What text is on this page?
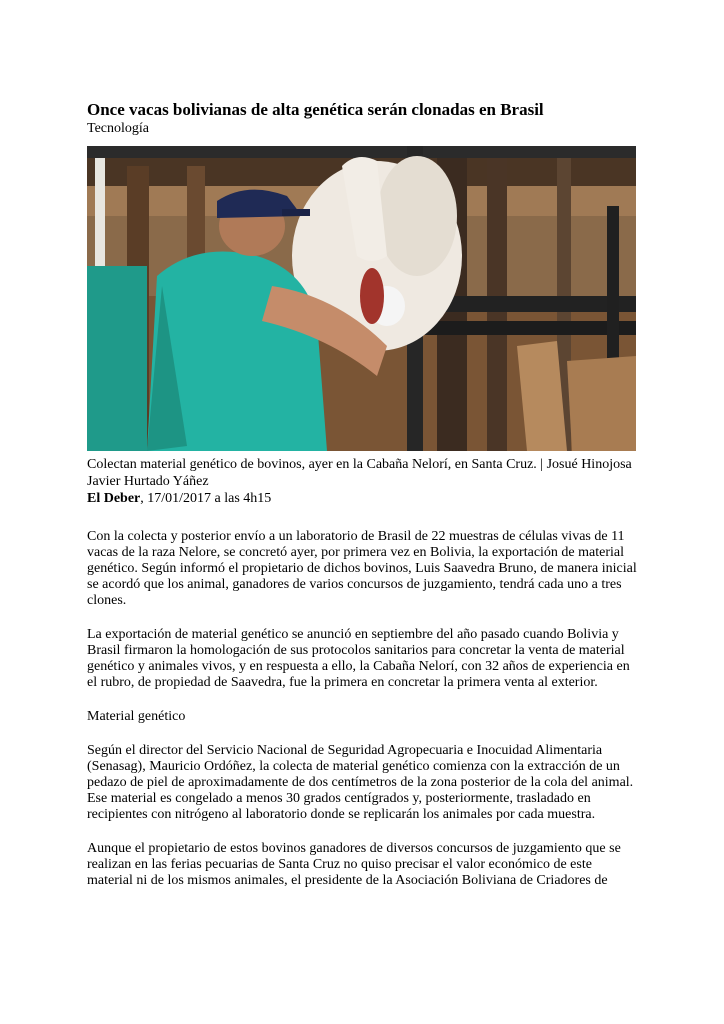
Once vacas bolivianas de alta genética serán clonadas en Brasil
Tecnología
Colectan material genético de bovinos, ayer en la Cabaña Nelorí, en Santa Cruz. | Josué Hinojosa
Javier Hurtado Yáñez
El Deber, 17/01/2017 a las 4h15

Con la colecta y posterior envío a un laboratorio de Brasil de 22 muestras de células vivas de 11 vacas de la raza Nelore, se concretó ayer, por primera vez en Bolivia, la exportación de material genético. Según informó el propietario de dichos bovinos, Luis Saavedra Bruno, de manera inicial se acordó que los animal, ganadores de varios concursos de juzgamiento, tendrá cada uno a tres clones.

La exportación de material genético se anunció en septiembre del año pasado cuando Bolivia y Brasil firmaron la homologación de sus protocolos sanitarios para concretar la venta de material genético y animales vivos, y en respuesta a ello, la Cabaña Nelorí, con 32 años de experiencia en el rubro, de propiedad de Saavedra, fue la primera en concretar la primera venta al exterior.

Material genético

Según el director del Servicio Nacional de Seguridad Agropecuaria e Inocuidad Alimentaria (Senasag), Mauricio Ordóñez, la colecta de material genético comienza con la extracción de un pedazo de piel de aproximadamente de dos centímetros de la zona posterior de la cola del animal. Ese material es congelado a menos 30 grados centígrados y, posteriormente, trasladado en recipientes con nitrógeno al laboratorio donde se replicarán los animales por cada muestra.

Aunque el propietario de estos bovinos ganadores de diversos concursos de juzgamiento que se realizan en las ferias pecuarias de Santa Cruz no quiso precisar el valor económico de este material ni de los mismos animales, el presidente de la Asociación Boliviana de Criadores de
